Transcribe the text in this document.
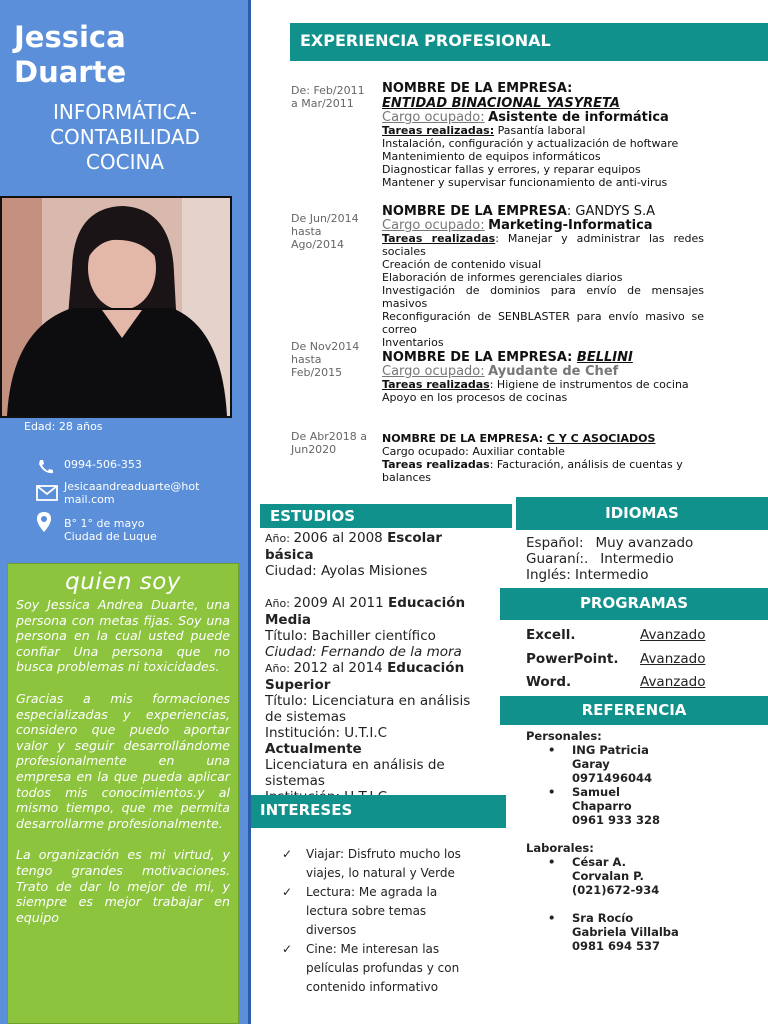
Jessica
Duarte
INFORMÁTICA-
CONTABILIDAD
COCINA
Edad: 28 años
0994-506-353
Jesicaandreaduarte@hot
mail.com
B° 1° de mayo
Ciudad de Luque
quien soy

Soy Jessica Andrea Duarte, una persona con metas fijas. Soy una persona en la cual usted puede confiar Una persona que no busca problemas ni toxicidades.

Gracias a mis formaciones especializadas y experiencias, considero que puedo aportar valor y seguir desarrollándome profesionalmente en una empresa en la que pueda aplicar todos mis conocimientos.y al mismo tiempo, que me permita desarrollarme profesionalmente.

La organización es mi virtud, y tengo grandes motivaciones. Trato de dar lo mejor de mi, y siempre es mejor trabajar en equipo

EXPERIENCIA PROFESIONAL
De: Feb/2011
a Mar/2011
NOMBRE DE LA EMPRESA:
ENTIDAD BINACIONAL YASYRETA
Cargo ocupado: Asistente de informática
Tareas realizadas: Pasantía laboral
Instalación, configuración y actualización de hoftware
Mantenimiento de equipos informáticos
Diagnosticar fallas y errores, y reparar equipos
Mantener y supervisar funcionamiento de anti-virus
De Jun/2014
hasta
Ago/2014
NOMBRE DE LA EMPRESA: GANDYS S.A
Cargo ocupado: Marketing-Informatica
Tareas realizadas: Manejar y administrar las redes sociales
Creación de contenido visual
Elaboración de informes gerenciales diarios
Investigación de dominios para envío de mensajes masivos
Reconfiguración de SENBLASTER para envío masivo se correo
Inventarios
De Nov2014
hasta
Feb/2015
NOMBRE DE LA EMPRESA: BELLINI
Cargo ocupado: Ayudante de Chef
Tareas realizadas: Higiene de instrumentos de cocina
Apoyo en los procesos de cocinas
De Abr2018 a
Jun2020
NOMBRE DE LA EMPRESA: C Y C ASOCIADOS
Cargo ocupado: Auxiliar contable
Tareas realizadas: Facturación, análisis de cuentas y balances
ESTUDIOS
Año: 2006 al 2008 Escolar básica
Ciudad: Ayolas Misiones
Año: 2009 Al 2011 Educación Media
Título: Bachiller científico
Ciudad: Fernando de la mora
Año: 2012 al 2014 Educación Superior
Título: Licenciatura en análisis de sistemas
Institución: U.T.I.C
Actualmente
Licenciatura en análisis de sistemas
IDIOMAS
Español: Muy avanzado
Guaraní:. Intermedio
Inglés: Intermedio
PROGRAMAS
Excell.	Avanzado
PowerPoint.	Avanzado
Word.	Avanzado
REFERENCIA
Personales:
•	ING Patricia
Garay
0971496044
•	Samuel
Chaparro
0961 933 328
Laborales:
•	César A.
Corvalan P.
(021)672-934
•	Sra Rocío
Gabriela Villalba
0981 694 537
INTERESES
✓	Viajar: Disfruto mucho los viajes, lo natural y Verde
✓	Lectura: Me agrada la lectura sobre temas diversos
✓	Cine: Me interesan las películas profundas y con contenido informativo
